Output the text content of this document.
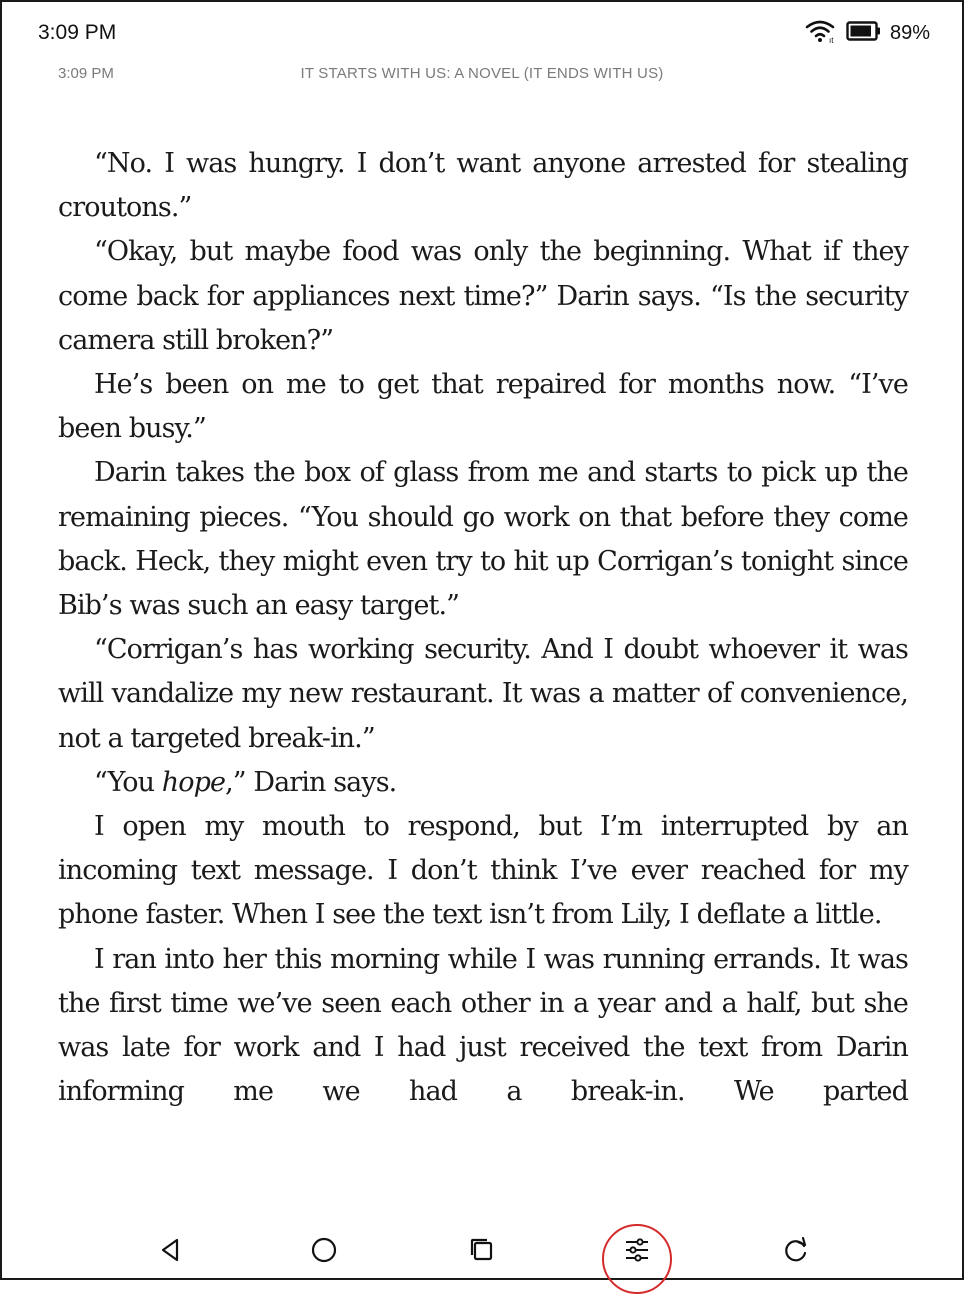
3:09 PM	ıt	89%
3:09 PM	IT STARTS WITH US: A NOVEL (IT ENDS WITH US)

“No. I was hungry. I don’t want anyone arrested for stealing croutons.”

“Okay, but maybe food was only the beginning. What if they come back for appliances next time?” Darin says. “Is the security camera still broken?”

He’s been on me to get that repaired for months now. “I’ve been busy.”

Darin takes the box of glass from me and starts to pick up the remaining pieces. “You should go work on that before they come back. Heck, they might even try to hit up Corrigan’s tonight since Bib’s was such an easy target.”

“Corrigan’s has working security. And I doubt whoever it was will vandalize my new restaurant. It was a matter of convenience, not a targeted break-in.”

“You hope,” Darin says.

I open my mouth to respond, but I’m interrupted by an incoming text message. I don’t think I’ve ever reached for my phone faster. When I see the text isn’t from Lily, I deflate a little.

I ran into her this morning while I was running errands. It was the first time we’ve seen each other in a year and a half, but she was late for work and I had just received the text from Darin informing me we had a break-in. We parted
